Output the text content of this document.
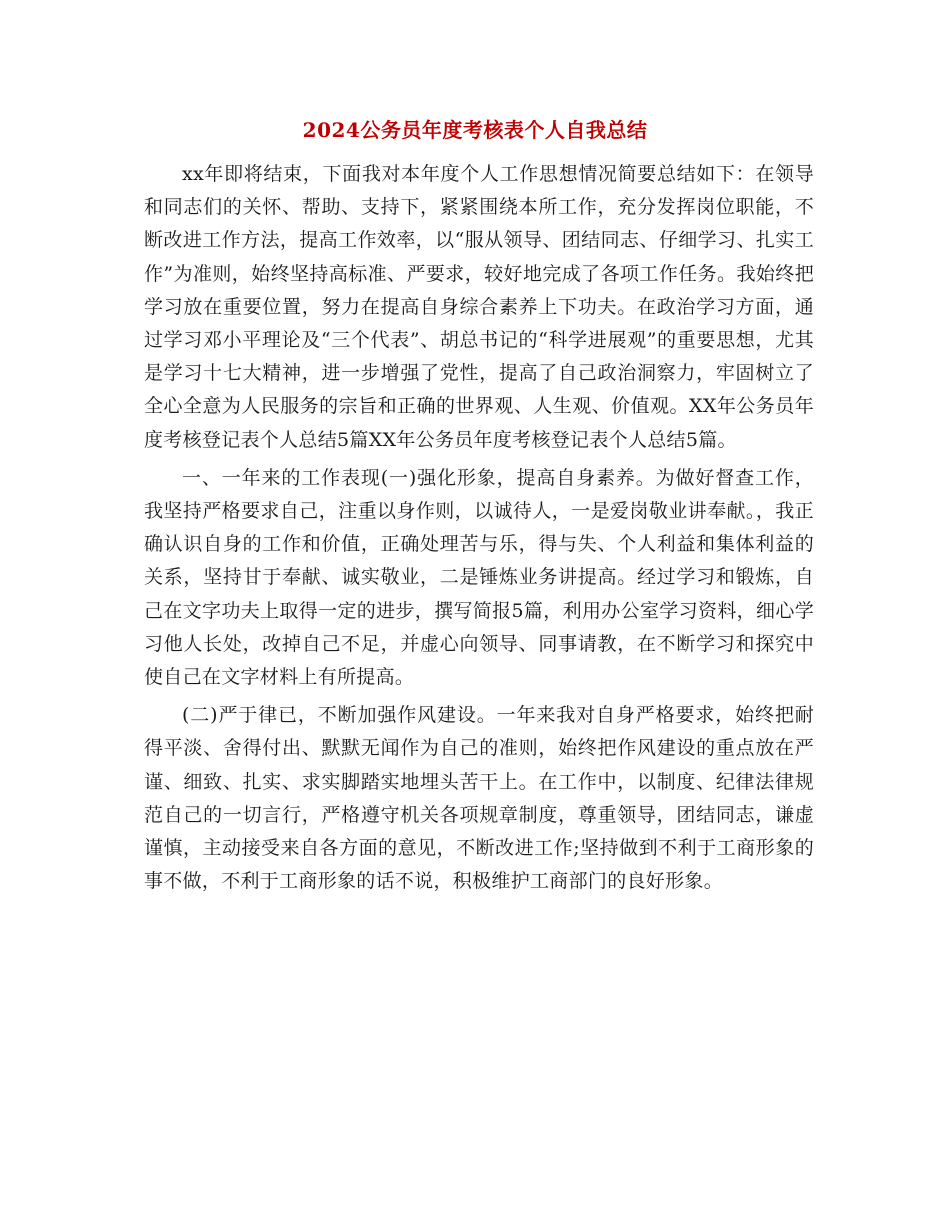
2024公务员年度考核表个人自我总结

xx年即将结束，下面我对本年度个人工作思想情况简要总结如下：在领导和同志们的关怀、帮助、支持下，紧紧围绕本所工作，充分发挥岗位职能，不断改进工作方法，提高工作效率，以“服从领导、团结同志、仔细学习、扎实工作”为准则，始终坚持高标准、严要求，较好地完成了各项工作任务。我始终把学习放在重要位置，努力在提高自身综合素养上下功夫。在政治学习方面，通过学习邓小平理论及“三个代表”、胡总书记的“科学进展观”的重要思想，尤其是学习十七大精神，进一步增强了党性，提高了自己政治洞察力，牢固树立了全心全意为人民服务的宗旨和正确的世界观、人生观、价值观。XX年公务员年度考核登记表个人总结5篇XX年公务员年度考核登记表个人总结5篇。

一、一年来的工作表现(一)强化形象，提高自身素养。为做好督查工作，我坚持严格要求自己，注重以身作则，以诚待人，一是爱岗敬业讲奉献。，我正确认识自身的工作和价值，正确处理苦与乐，得与失、个人利益和集体利益的关系，坚持甘于奉献、诚实敬业，二是锤炼业务讲提高。经过学习和锻炼，自己在文字功夫上取得一定的进步，撰写简报5篇，利用办公室学习资料，细心学习他人长处，改掉自己不足，并虚心向领导、同事请教，在不断学习和探究中使自己在文字材料上有所提高。

(二)严于律已，不断加强作风建设。一年来我对自身严格要求，始终把耐得平淡、舍得付出、默默无闻作为自己的准则，始终把作风建设的重点放在严谨、细致、扎实、求实脚踏实地埋头苦干上。在工作中，以制度、纪律法律规范自己的一切言行，严格遵守机关各项规章制度，尊重领导，团结同志，谦虚谨慎，主动接受来自各方面的意见，不断改进工作;坚持做到不利于工商形象的事不做，不利于工商形象的话不说，积极维护工商部门的良好形象。
